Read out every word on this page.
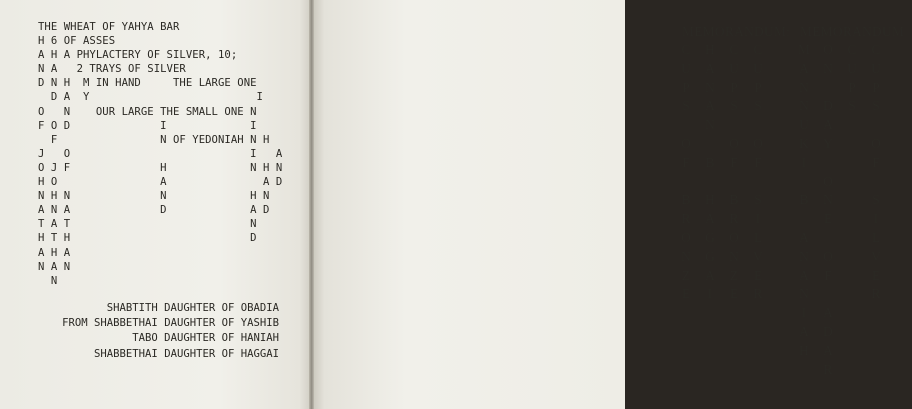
THE WHEAT OF YAHYA BAR
H 6 OF ASSES
A H A PHYLACTERY OF SILVER, 10;
N A   2 TRAYS OF SILVER
D N H  M IN HAND     THE LARGE ONE
D A  Y                          I
O   N    OUR LARGE THE SMALL ONE N
F O D              I             I
F                N OF YEDONIAH N H
J   O                            I   A
O J F              H             N H N
H O                A               A D
N H N              N             H N
A N A              D             A D
T A T                            N
H T H                            D
A H A
N A N
N
SHABTITH DAUGHTER OF OBADIA
FROM SHABBETHAI DAUGHTER OF YASHIB
TABO DAUGHTER OF HANIAH
SHABBETHAI DAUGHTER OF HAGGAI
MEMORANDUM: MEMORANDUM
C
U
P
S

O
F

B
R
O
N
Z
E
H
A
N
A
N

B

H
A
G
G
A
I
C
U
P
S

O
F

B
R
O
N
Z
E
C
U
P
S

O
F

S
I
L
V
E
R
M
A
N
N
U
K
I

B

A
N
A
N
I
A
H
O
N

D
A
Y

O
N
E

O
F

A
D
A
R
C
U
P
S
C
U
P
S

O
F

S
I
L
V
E
R
